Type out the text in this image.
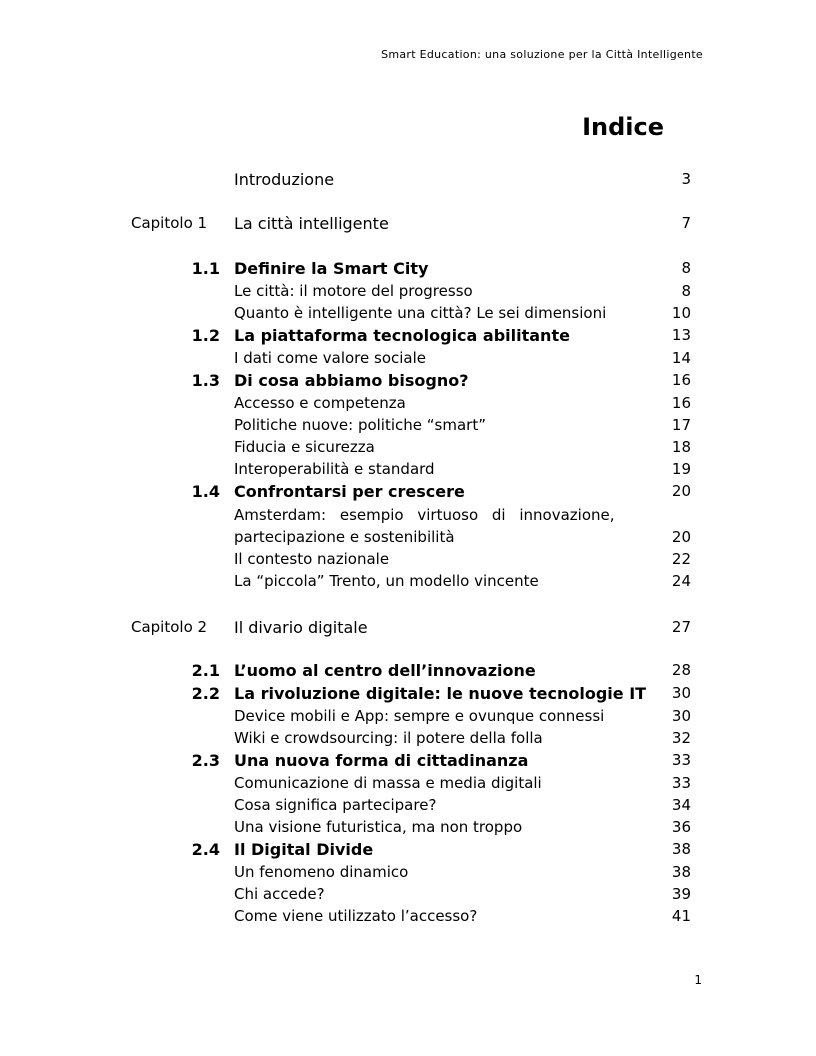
Smart Education: una soluzione per la Città Intelligente
Indice
Introduzione	3
Capitolo 1 La città intelligente	7
1.1 Definire la Smart City	8
Le città: il motore del progresso	8
Quanto è intelligente una città? Le sei dimensioni	10
1.2 La piattaforma tecnologica abilitante	13
I dati come valore sociale	14
1.3 Di cosa abbiamo bisogno?	16
Accesso e competenza	16
Politiche nuove: politiche “smart”	17
Fiducia e sicurezza	18
Interoperabilità e standard	19
1.4 Confrontarsi per crescere	20
Amsterdam: esempio virtuoso di innovazione,
partecipazione e sostenibilità	20
Il contesto nazionale	22
La “piccola” Trento, un modello vincente	24
Capitolo 2 Il divario digitale	27
2.1 L’uomo al centro dell’innovazione	28
2.2 La rivoluzione digitale: le nuove tecnologie IT 30
Device mobili e App: sempre e ovunque connessi	30
Wiki e crowdsourcing: il potere della folla	32
2.3 Una nuova forma di cittadinanza	33
Comunicazione di massa e media digitali	33
Cosa significa partecipare?	34
Una visione futuristica, ma non troppo	36
2.4 Il Digital Divide	38
Un fenomeno dinamico	38
Chi accede?	39
Come viene utilizzato l’accesso?	41
1
